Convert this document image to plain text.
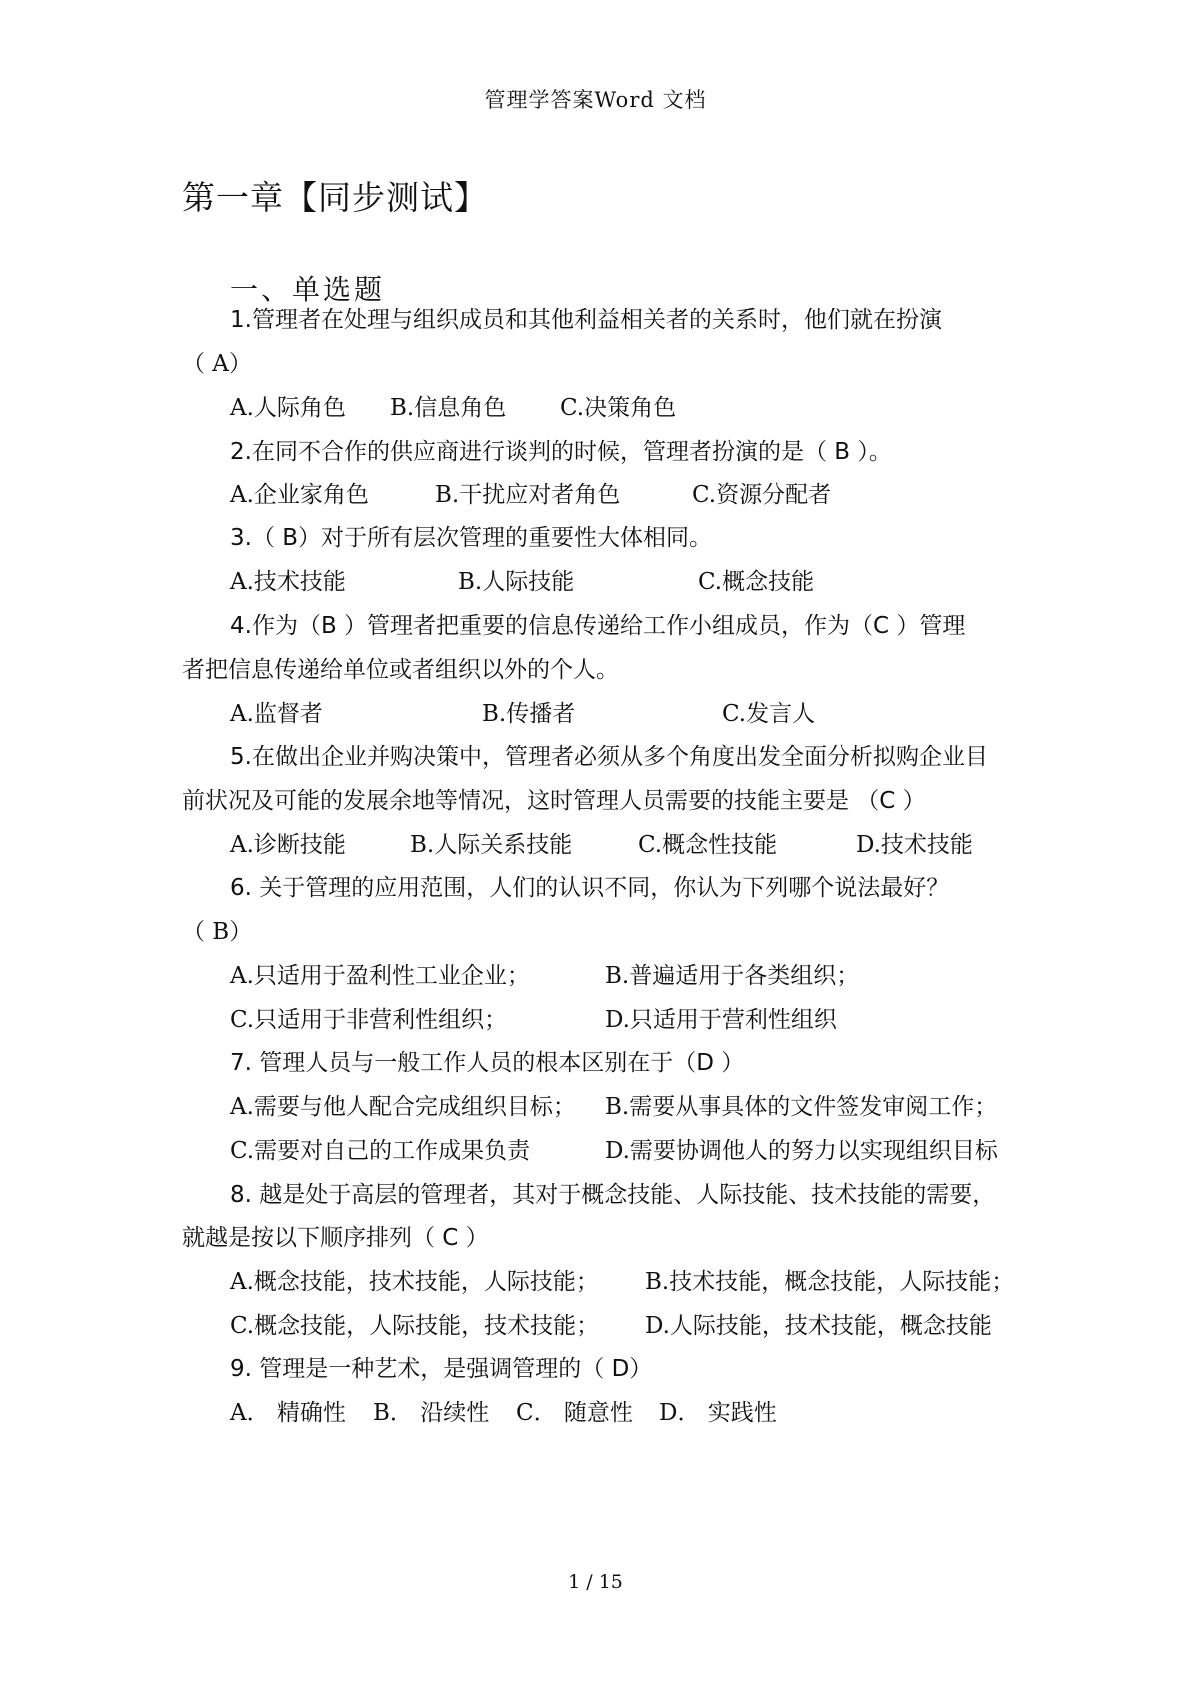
管理学答案Word 文档
第一章【同步测试】
一、单选题
1.管理者在处理与组织成员和其他利益相关者的关系时，他们就在扮演
（ A）
A.人际角色 B.信息角色 C.决策角色
2.在同不合作的供应商进行谈判的时候，管理者扮演的是（ B ）。
A.企业家角色	B.干扰应对者角色	C.资源分配者
3.（ B）对于所有层次管理的重要性大体相同。
A.技术技能	B.人际技能	C.概念技能
4.作为（B ）管理者把重要的信息传递给工作小组成员，作为（C ）管理
者把信息传递给单位或者组织以外的个人。
A.监督者	B.传播者	C.发言人
5.在做出企业并购决策中，管理者必须从多个角度出发全面分析拟购企业目
前状况及可能的发展余地等情况，这时管理人员需要的技能主要是 （C ）
A.诊断技能	B.人际关系技能	C.概念性技能	D.技术技能
6. 关于管理的应用范围，人们的认识不同，你认为下列哪个说法最好？
（ B）
A.只适用于盈利性工业企业；	B.普遍适用于各类组织；
C.只适用于非营利性组织；	D.只适用于营利性组织
7. 管理人员与一般工作人员的根本区别在于（D ）
A.需要与他人配合完成组织目标； B.需要从事具体的文件签发审阅工作；
C.需要对自己的工作成果负责	D.需要协调他人的努力以实现组织目标
8. 越是处于高层的管理者，其对于概念技能、人际技能、技术技能的需要，
就越是按以下顺序排列（ C ）
A.概念技能，技术技能，人际技能； B.技术技能，概念技能，人际技能；
C.概念技能，人际技能，技术技能； D.人际技能，技术技能，概念技能
9. 管理是一种艺术，是强调管理的（ D）
A． 精确性 B． 沿续性 C． 随意性 D． 实践性
1 / 15
